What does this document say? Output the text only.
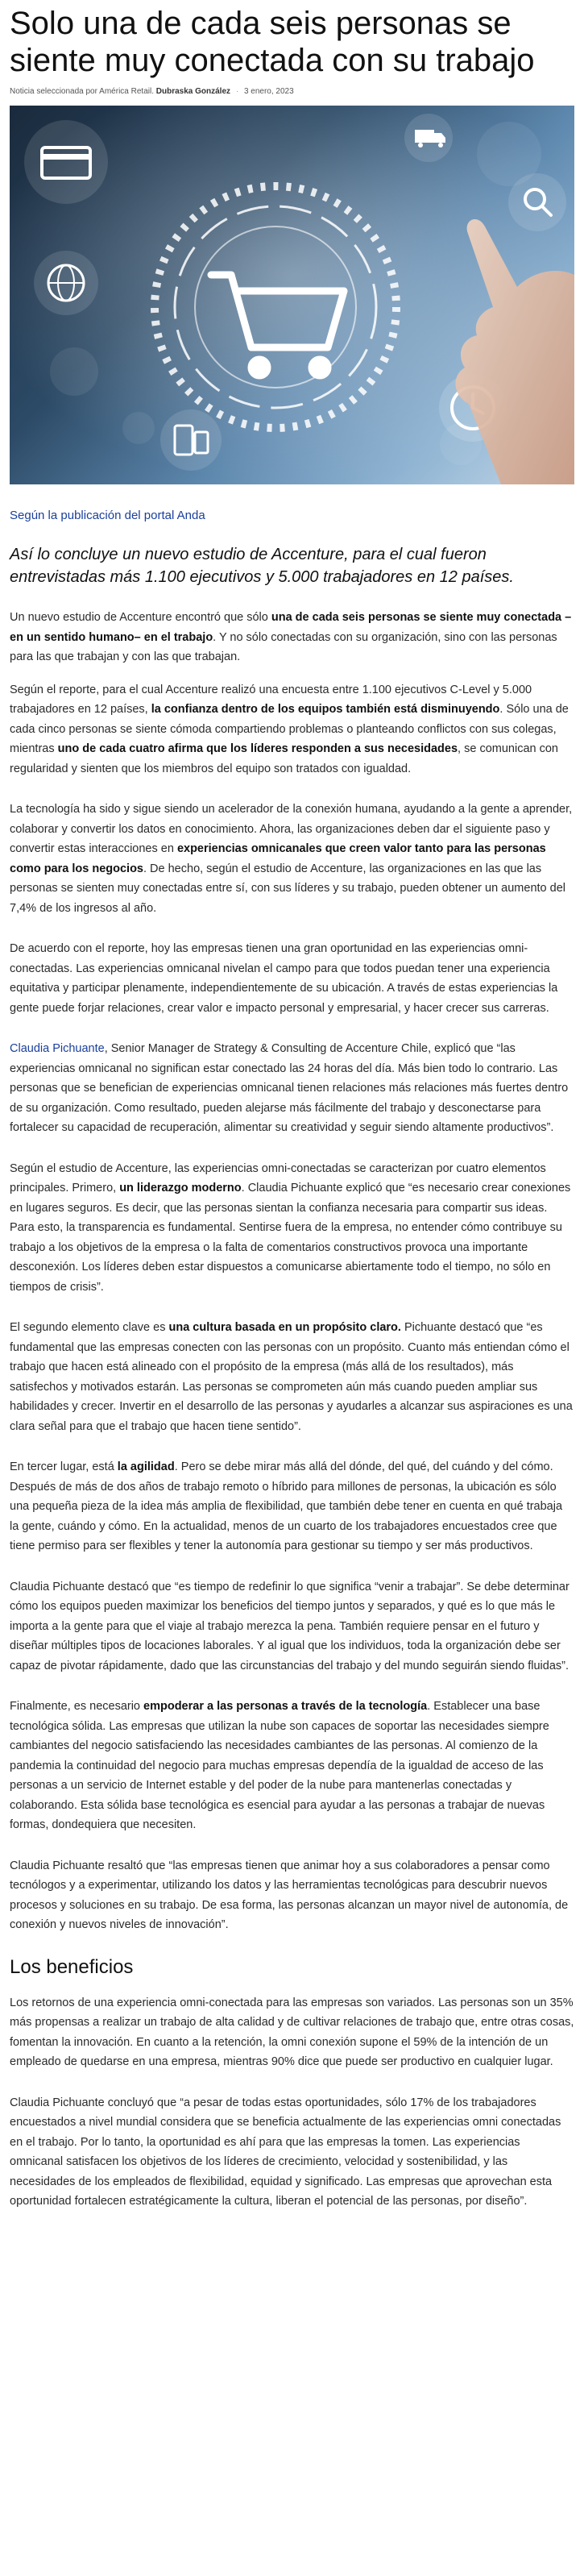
Solo una de cada seis personas se siente muy conectada con su trabajo
Noticia seleccionada por América Retail. Dubraska González · 3 enero, 2023
Según la publicación del portal Anda
Así lo concluye un nuevo estudio de Accenture, para el cual fueron entrevistadas más 1.100 ejecutivos y 5.000 trabajadores en 12 países.

Un nuevo estudio de Accenture encontró que sólo una de cada seis personas se siente muy conectada –en un sentido humano– en el trabajo. Y no sólo conectadas con su organización, sino con las personas para las que trabajan y con las que trabajan.

Según el reporte, para el cual Accenture realizó una encuesta entre 1.100 ejecutivos C-Level y 5.000 trabajadores en 12 países, la confianza dentro de los equipos también está disminuyendo. Sólo una de cada cinco personas se siente cómoda compartiendo problemas o planteando conflictos con sus colegas, mientras uno de cada cuatro afirma que los líderes responden a sus necesidades, se comunican con regularidad y sienten que los miembros del equipo son tratados con igualdad.

La tecnología ha sido y sigue siendo un acelerador de la conexión humana, ayudando a la gente a aprender, colaborar y convertir los datos en conocimiento. Ahora, las organizaciones deben dar el siguiente paso y convertir estas interacciones en experiencias omnicanales que creen valor tanto para las personas como para los negocios. De hecho, según el estudio de Accenture, las organizaciones en las que las personas se sienten muy conectadas entre sí, con sus líderes y su trabajo, pueden obtener un aumento del 7,4% de los ingresos al año.

De acuerdo con el reporte, hoy las empresas tienen una gran oportunidad en las experiencias omni-conectadas. Las experiencias omnicanal nivelan el campo para que todos puedan tener una experiencia equitativa y participar plenamente, independientemente de su ubicación. A través de estas experiencias la gente puede forjar relaciones, crear valor e impacto personal y empresarial, y hacer crecer sus carreras.

Claudia Pichuante, Senior Manager de Strategy & Consulting de Accenture Chile, explicó que “las experiencias omnicanal no significan estar conectado las 24 horas del día. Más bien todo lo contrario. Las personas que se benefician de experiencias omnicanal tienen relaciones más relaciones más fuertes dentro de su organización. Como resultado, pueden alejarse más fácilmente del trabajo y desconectarse para fortalecer su capacidad de recuperación, alimentar su creatividad y seguir siendo altamente productivos”.

Según el estudio de Accenture, las experiencias omni-conectadas se caracterizan por cuatro elementos principales. Primero, un liderazgo moderno. Claudia Pichuante explicó que “es necesario crear conexiones en lugares seguros. Es decir, que las personas sientan la confianza necesaria para compartir sus ideas. Para esto, la transparencia es fundamental. Sentirse fuera de la empresa, no entender cómo contribuye su trabajo a los objetivos de la empresa o la falta de comentarios constructivos provoca una importante desconexión. Los líderes deben estar dispuestos a comunicarse abiertamente todo el tiempo, no sólo en tiempos de crisis”.

El segundo elemento clave es una cultura basada en un propósito claro. Pichuante destacó que “es fundamental que las empresas conecten con las personas con un propósito. Cuanto más entiendan cómo el trabajo que hacen está alineado con el propósito de la empresa (más allá de los resultados), más satisfechos y motivados estarán. Las personas se comprometen aún más cuando pueden ampliar sus habilidades y crecer. Invertir en el desarrollo de las personas y ayudarles a alcanzar sus aspiraciones es una clara señal para que el trabajo que hacen tiene sentido”.

En tercer lugar, está la agilidad. Pero se debe mirar más allá del dónde, del qué, del cuándo y del cómo. Después de más de dos años de trabajo remoto o híbrido para millones de personas, la ubicación es sólo una pequeña pieza de la idea más amplia de flexibilidad, que también debe tener en cuenta en qué trabaja la gente, cuándo y cómo. En la actualidad, menos de un cuarto de los trabajadores encuestados cree que tiene permiso para ser flexibles y tener la autonomía para gestionar su tiempo y ser más productivos.

Claudia Pichuante destacó que “es tiempo de redefinir lo que significa “venir a trabajar”. Se debe determinar cómo los equipos pueden maximizar los beneficios del tiempo juntos y separados, y qué es lo que más le importa a la gente para que el viaje al trabajo merezca la pena. También requiere pensar en el futuro y diseñar múltiples tipos de locaciones laborales. Y al igual que los individuos, toda la organización debe ser capaz de pivotar rápidamente, dado que las circunstancias del trabajo y del mundo seguirán siendo fluidas”.

Finalmente, es necesario empoderar a las personas a través de la tecnología. Establecer una base tecnológica sólida. Las empresas que utilizan la nube son capaces de soportar las necesidades siempre cambiantes del negocio satisfaciendo las necesidades cambiantes de las personas. Al comienzo de la pandemia la continuidad del negocio para muchas empresas dependía de la igualdad de acceso de las personas a un servicio de Internet estable y del poder de la nube para mantenerlas conectadas y colaborando. Esta sólida base tecnológica es esencial para ayudar a las personas a trabajar de nuevas formas, dondequiera que necesiten.

Claudia Pichuante resaltó que “las empresas tienen que animar hoy a sus colaboradores a pensar como tecnólogos y a experimentar, utilizando los datos y las herramientas tecnológicas para descubrir nuevos procesos y soluciones en su trabajo. De esa forma, las personas alcanzan un mayor nivel de autonomía, de conexión y nuevos niveles de innovación”.

Los beneficios

Los retornos de una experiencia omni-conectada para las empresas son variados. Las personas son un 35% más propensas a realizar un trabajo de alta calidad y de cultivar relaciones de trabajo que, entre otras cosas, fomentan la innovación. En cuanto a la retención, la omni conexión supone el 59% de la intención de un empleado de quedarse en una empresa, mientras 90% dice que puede ser productivo en cualquier lugar.

Claudia Pichuante concluyó que “a pesar de todas estas oportunidades, sólo 17% de los trabajadores encuestados a nivel mundial considera que se beneficia actualmente de las experiencias omni conectadas en el trabajo. Por lo tanto, la oportunidad es ahí para que las empresas la tomen. Las experiencias omnicanal satisfacen los objetivos de los líderes de crecimiento, velocidad y sostenibilidad, y las necesidades de los empleados de flexibilidad, equidad y significado. Las empresas que aprovechan esta oportunidad fortalecen estratégicamente la cultura, liberan el potencial de las personas, por diseño”.
